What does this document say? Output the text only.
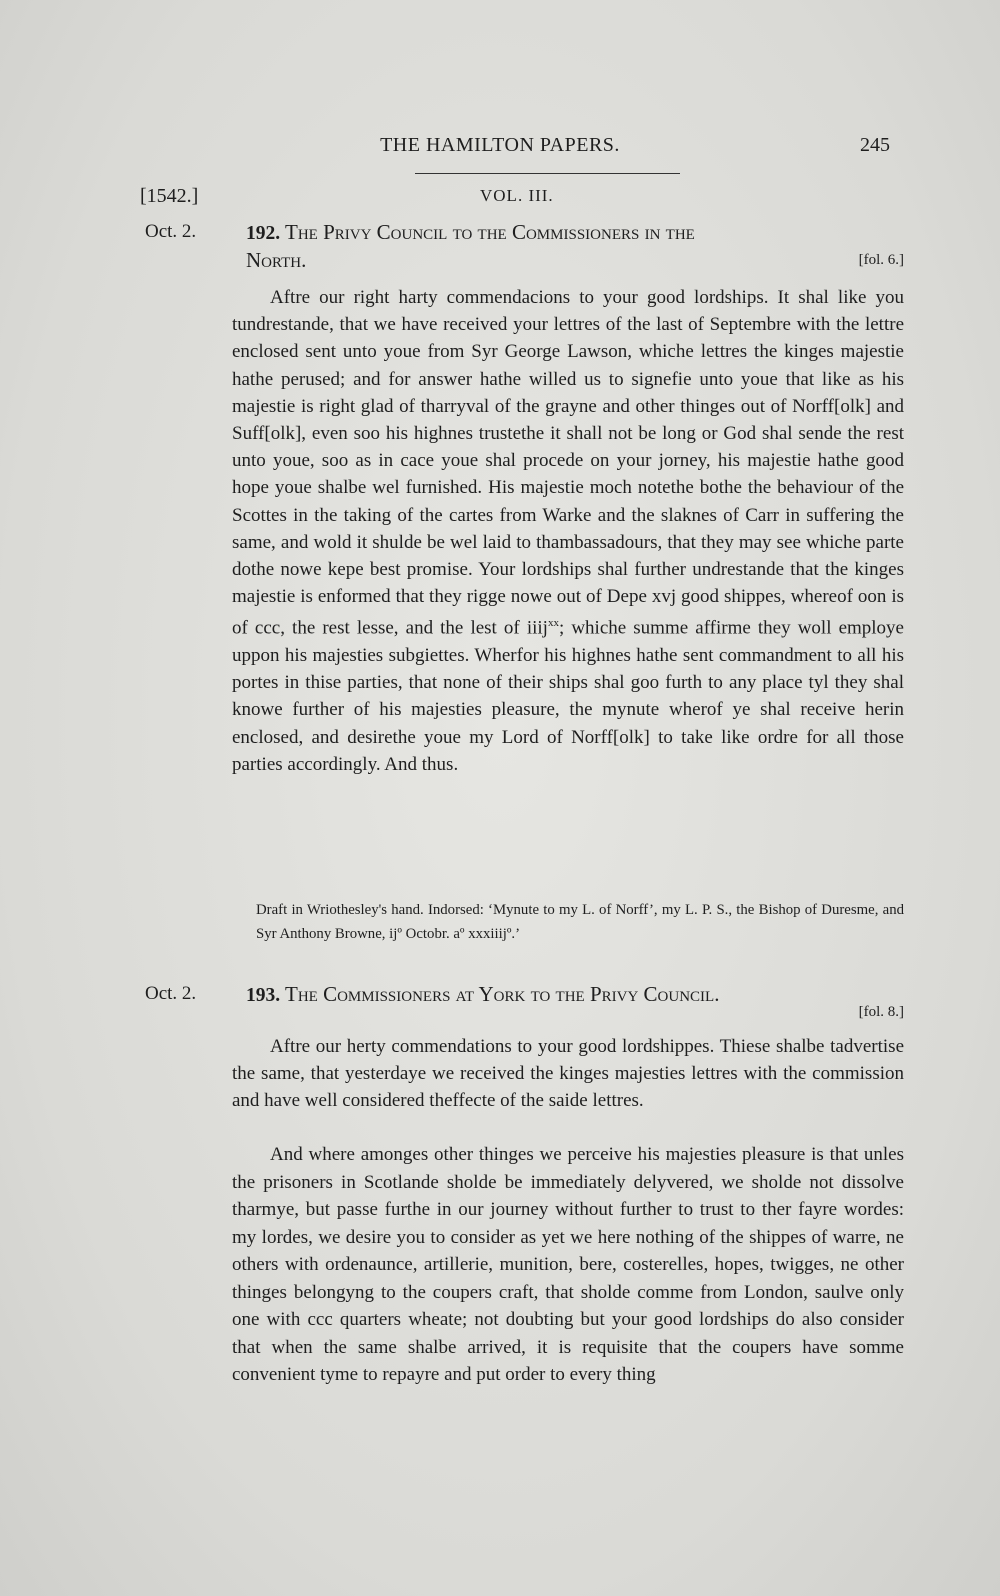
THE HAMILTON PAPERS.	245
[1542.]	VOL. III.
Oct. 2.	192. The Privy Council to the Commissioners in the
North.	[fol. 6.]

Aftre our right harty commendacions to your good lordships. It shal like you tundrestande, that we have received your lettres of the last of Septembre with the lettre enclosed sent unto youe from Syr George Lawson, whiche lettres the kinges majestie hathe perused; and for answer hathe willed us to signefie unto youe that like as his majestie is right glad of tharryval of the grayne and other thinges out of Norff[olk] and Suff[olk], even soo his highnes trustethe it shall not be long or God shal sende the rest unto youe, soo as in cace youe shal procede on your jorney, his majestie hathe good hope youe shalbe wel furnished. His majestie moch notethe bothe the behaviour of the Scottes in the taking of the cartes from Warke and the slaknes of Carr in suffering the same, and wold it shulde be wel laid to thambassadours, that they may see whiche parte dothe nowe kepe best promise. Your lordships shal further undrestande that the kinges majestie is enformed that they rigge nowe out of Depe xvj good shippes, whereof oon is of ccc, the rest lesse, and the lest of iiij$^{xx}$; whiche summe affirme they woll employe uppon his majesties subgiettes. Wherfor his highnes hathe sent commandment to all his portes in thise parties, that none of their ships shal goo furth to any place tyl they shal knowe further of his majesties pleasure, the mynute wherof ye shal receive herin enclosed, and desirethe youe my Lord of Norff[olk] to take like ordre for all those parties accordingly. And thus.

Draft in Wriothesley's hand. Indorsed: ‘Mynute to my L. of Norff’, my L. P. S., the Bishop of Duresme, and Syr Anthony Browne, ijº Octobr. aº xxxiiijº.’
Oct. 2.	193. The Commissioners at York to the Privy Council.
[fol. 8.]

Aftre our herty commendations to your good lordshippes. Thiese shalbe tadvertise the same, that yesterdaye we received the kinges majesties lettres with the commission and have well considered theffecte of the saide lettres.

And where amonges other thinges we perceive his majesties pleasure is that unles the prisoners in Scotlande sholde be immediately delyvered, we sholde not dissolve tharmye, but passe furthe in our journey without further to trust to ther fayre wordes: my lordes, we desire you to consider as yet we here nothing of the shippes of warre, ne others with ordenaunce, artillerie, munition, bere, costerelles, hopes, twigges, ne other thinges belongyng to the coupers craft, that sholde comme from London, saulve only one with ccc quarters wheate; not doubting but your good lordships do also consider that when the same shalbe arrived, it is requisite that the coupers have somme convenient tyme to repayre and put order to every thing
